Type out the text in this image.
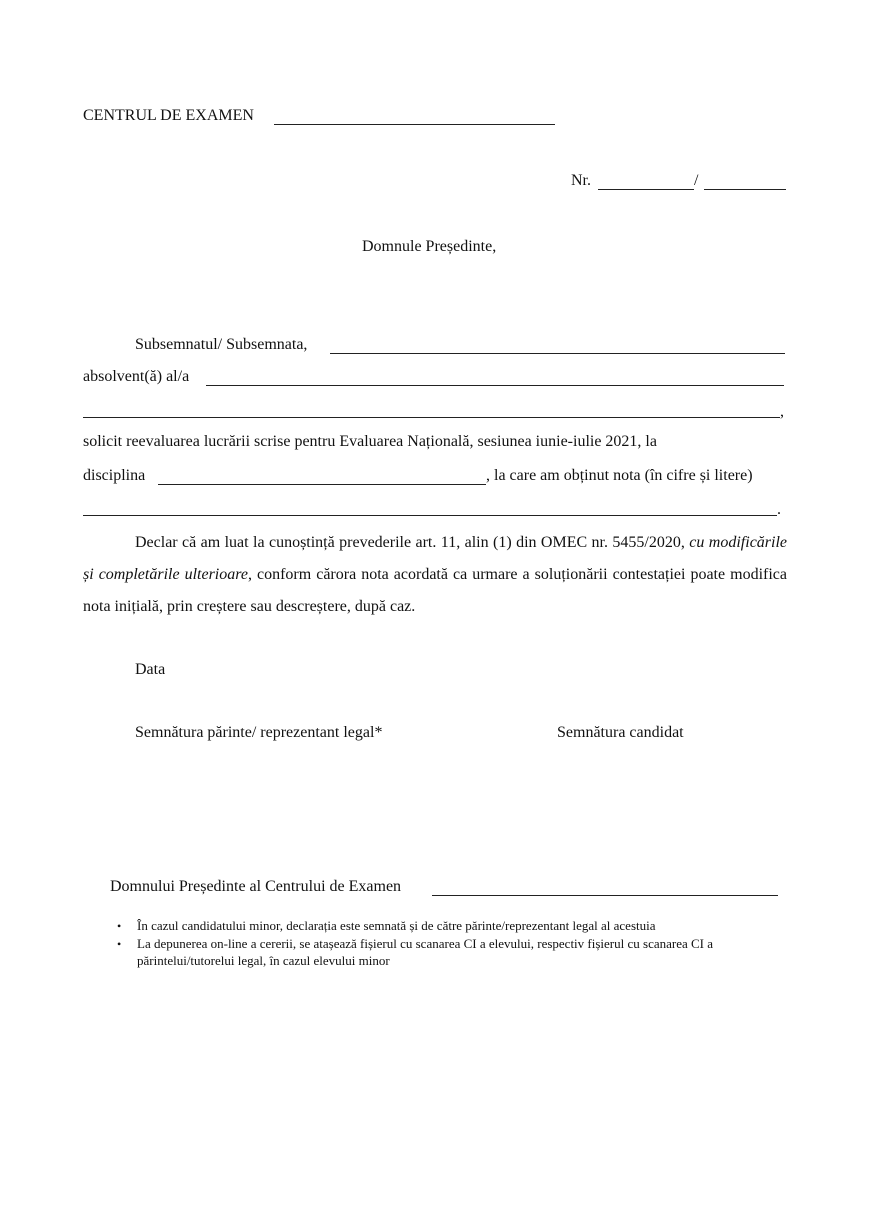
CENTRUL DE EXAMEN
Nr.	/
Domnule Președinte,
Subsemnatul/ Subsemnata,
absolvent(ă) al/a
,
solicit reevaluarea lucrării scrise pentru Evaluarea Națională, sesiunea iunie-iulie 2021, la
disciplina	, la care am obținut nota (în cifre și litere)
.
Declar că am luat la cunoștință prevederile art. 11, alin (1) din OMEC nr. 5455/2020, cu modificările și completările ulterioare, conform cărora nota acordată ca urmare a soluționării contestației poate modifica nota inițială, prin creștere sau descreștere, după caz.
Data
Semnătura părinte/ reprezentant legal*	Semnătura candidat
Domnului Președinte al Centrului de Examen
• În cazul candidatului minor, declarația este semnată și de către părinte/reprezentant legal al acestuia
• La depunerea on-line a cererii, se atașează fișierul cu scanarea CI a elevului, respectiv fișierul cu scanarea CI a părintelui/tutorelui legal, în cazul elevului minor
